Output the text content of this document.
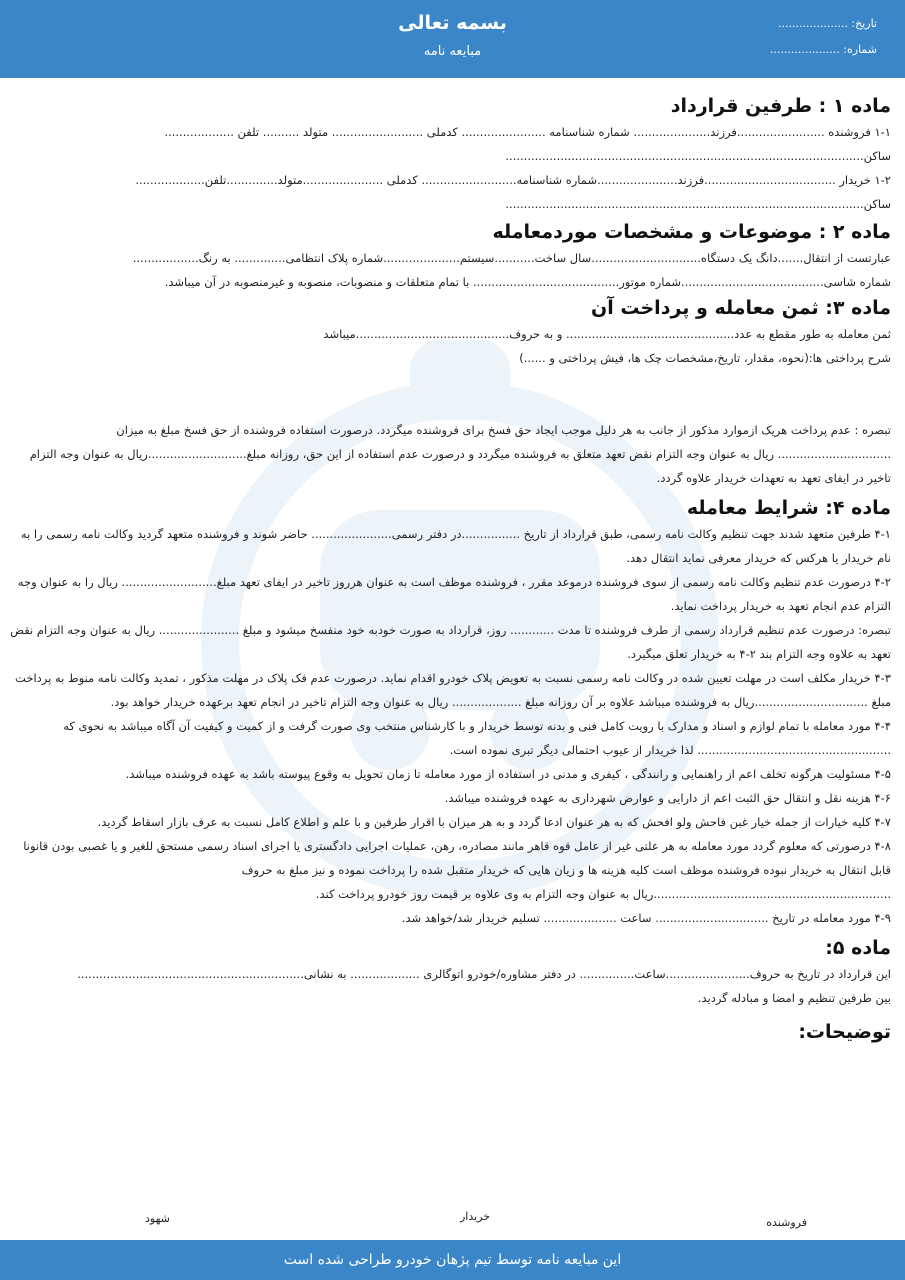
بسمه تعالی
مبایعه نامه
تاریخ: ....................
شماره: ....................
ماده ۱ : طرفین قرارداد
۱-۱ فروشنده ........................فرزند..................... شماره شناسنامه ....................... کدملی ......................... متولد .......... تلفن ...................
ساکن..................................................................................................
۱-۲ خریدار ....................................فرزند......................شماره شناسنامه.......................... کدملی ......................متولد..............تلفن...................
ساکن..................................................................................................
ماده ۲ : موضوعات و مشخصات موردمعامله
عبارتست از انتقال.......دانگ یک دستگاه..............................سال ساخت...........سیستم.....................شماره پلاک انتظامی.............. به رنگ..................
شماره شاسی.......................................شماره موتور........................................ با تمام متعلقات و منصوبات، منصوبه و غیرمنصوبه در آن میباشد.
ماده ۳: ثمن معامله و پرداخت آن
ثمن معامله به طور مقطع به عدد.............................................. و به حروف..........................................میباشد
شرح پرداختی ها:(نحوه، مقدار، تاریخ،مشخصات چک ها، فیش پرداختی و ......)
تبصره : عدم پرداخت هریک ازموارد مذکور از جانب به هر دلیل موجب ایجاد حق فسخ برای فروشنده میگردد. درصورت استفاده فروشنده از حق فسخ مبلغ به میزان ............................... ریال به عنوان وجه التزام نقض تعهد متعلق به فروشنده میگردد و درصورت عدم استفاده از این حق، روزانه مبلغ...........................ریال به عنوان وجه التزام تاخیر در ایفای تعهد به تعهدات خریدار علاوه گردد.
ماده ۴: شرایط معامله
۴-۱ طرفین متعهد شدند جهت تنظیم وکالت نامه رسمی، طبق قرارداد از تاریخ ................در دفتر رسمی...................... حاضر شوند و فروشنده متعهد گردید وکالت نامه رسمی را به نام خریدار یا هرکس که خریدار معرفی نماید انتقال دهد.
۴-۲ درصورت عدم تنظیم وکالت نامه رسمی از سوی فروشنده درموعد مقرر ، فروشنده موظف است به عنوان هرروز تاخیر در ایفای تعهد مبلغ.......................... ریال را به عنوان وجه التزام عدم انجام تعهد به خریدار پرداخت نماید.
تبصره: درصورت عدم تنظیم قرارداد رسمی از طرف فروشنده تا مدت ............ روز، قرارداد به صورت خودبه خود منفسخ میشود و مبلغ ...................... ریال به عنوان وجه التزام نقض تعهد به علاوه وجه التزام بند ۲-۴ به خریدار تعلق میگیرد.
۴-۳ خریدار مکلف است در مهلت تعیین شده در وکالت نامه رسمی نسبت به تعویض پلاک خودرو اقدام نماید. درصورت عدم فک پلاک در مهلت مذکور ، تمدید وکالت نامه منوط به پرداخت مبلغ ...............................ریال به فروشنده میباشد علاوه بر آن روزانه مبلغ ................... ریال به عنوان وجه التزام تاخیر در انجام تعهد برعهده خریدار خواهد بود.
۴-۴ مورد معامله با تمام لوازم و اسناد و مدارک با رویت کامل فنی و بدنه توسط خریدار و با کارشناس منتخب وی صورت گرفت و از کمیت و کیفیت آن آگاه میباشد به نحوی که ..................................................... لذا خریدار از عیوب احتمالی دیگر تبری نموده است.
۴-۵ مسئولیت هرگونه تخلف اعم از راهنمایی و رانندگی ، کیفری و مدنی در استفاده از مورد معامله تا زمان تحویل به وقوع پیوسته باشد به عهده فروشنده میباشد.
۴-۶ هزینه نقل و انتقال حق الثبت اعم از دارایی و عوارض شهرداری به عهده فروشنده میباشد.
۴-۷ کلیه خیارات از جمله خیار غبن فاحش ولو افحش که به هر عنوان ادعا گردد و به هر میزان با اقرار طرفین و با علم و اطلاع کامل نسبت به عرف بازار اسقاط گردید.
۴-۸ درصورتی که معلوم گردد مورد معامله به هر علتی غیر از عامل قوه قاهر مانند مصادره، رهن، عملیات اجرایی دادگستری یا اجرای اسناد رسمی مستحق للغیر و یا غصبی بودن قانونا قابل انتقال به خریدار نبوده فروشنده موظف است کلیه هزینه ها و زیان هایی که خریدار متقبل شده را پرداخت نموده و نیز مبلغ به حروف .................................................................ریال به عنوان وجه التزام به وی علاوه بر قیمت روز خودرو پرداخت کند.
۴-۹ مورد معامله در تاریخ ............................... ساعت .................... تسلیم خریدار شد/خواهد شد.
ماده ۵:
این قرارداد در تاریخ به حروف.......................ساعت............... در دفتر مشاوره/خودرو اتوگالری ................... به نشانی..............................................................
بین طرفین تنظیم و امضا و مبادله گردید.
توضیحات:
فروشنده
خریدار
شهود
این مبایعه نامه توسط تیم پژهان خودرو طراحی شده است
